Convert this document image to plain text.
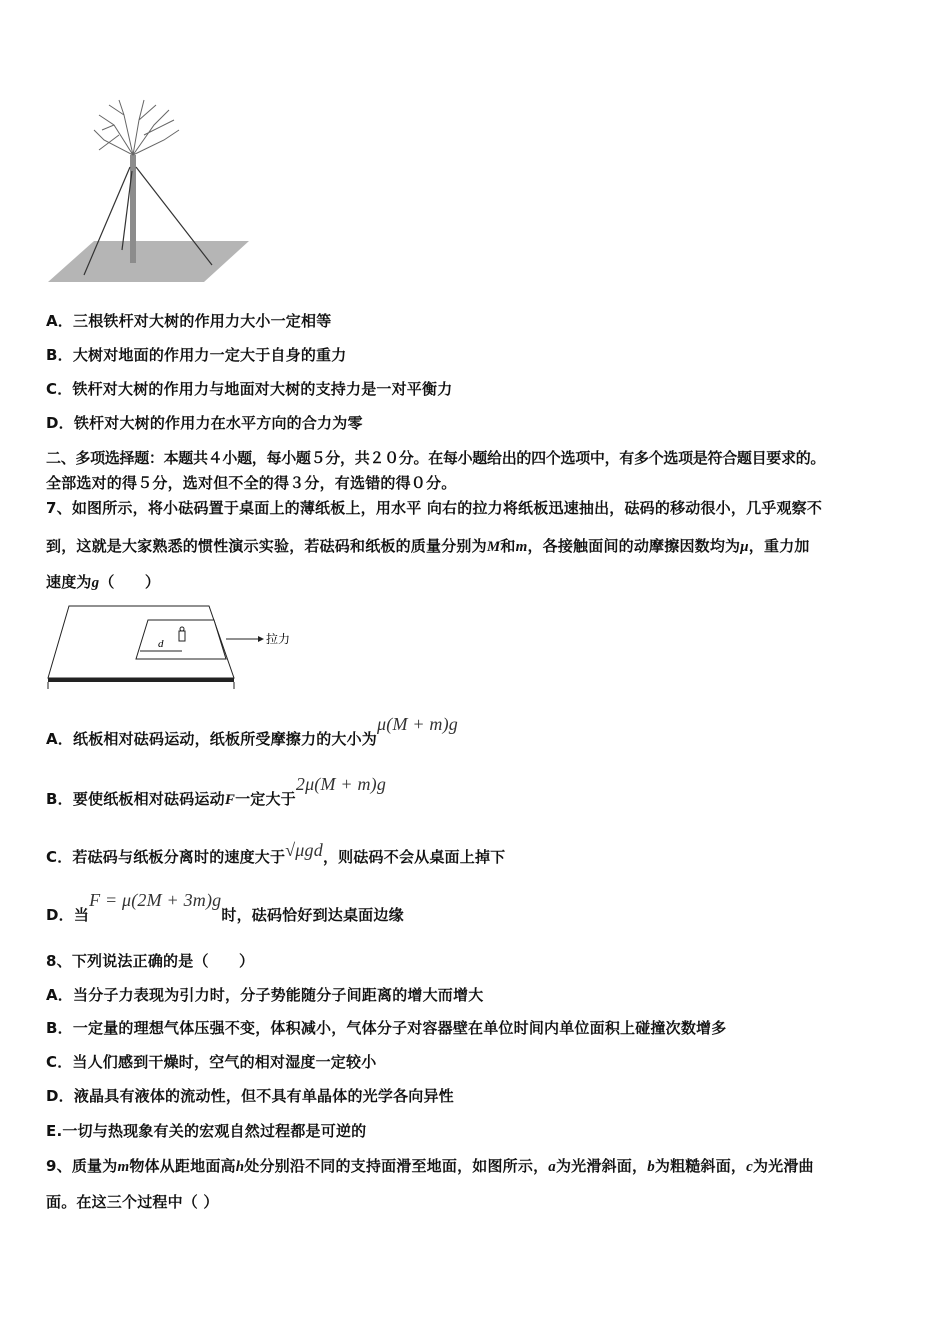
A．三根铁杆对大树的作用力大小一定相等
B．大树对地面的作用力一定大于自身的重力
C．铁杆对大树的作用力与地面对大树的支持力是一对平衡力
D．铁杆对大树的作用力在水平方向的合力为零
二、多项选择题：本题共４小题，每小题５分，共２０分。在每小题给出的四个选项中，有多个选项是符合题目要求的。
全部选对的得５分，选对但不全的得３分，有选错的得０分。
7、如图所示，将小砝码置于桌面上的薄纸板上，用水平 向右的拉力将纸板迅速抽出，砝码的移动很小，几乎观察不
到，这就是大家熟悉的惯性演示实验，若砝码和纸板的质量分别为M和m，各接触面间的动摩擦因数均为μ，重力加
速度为g（　　）
d	拉力
A．纸板相对砝码运动，纸板所受摩擦力的大小为μ(M + m)g
B．要使纸板相对砝码运动F一定大于2μ(M + m)g
C．若砝码与纸板分离时的速度大于√μgd，则砝码不会从桌面上掉下
D．当F = μ(2M + 3m)g时，砝码恰好到达桌面边缘
8、下列说法正确的是（　　）
A．当分子力表现为引力时，分子势能随分子间距离的增大而增大
B．一定量的理想气体压强不变，体积减小，气体分子对容器壁在单位时间内单位面积上碰撞次数增多
C．当人们感到干燥时，空气的相对湿度一定较小
D．液晶具有液体的流动性，但不具有单晶体的光学各向异性
E.一切与热现象有关的宏观自然过程都是可逆的
9、质量为m物体从距地面高h处分别沿不同的支持面滑至地面，如图所示，a为光滑斜面，b为粗糙斜面，c为光滑曲
面。在这三个过程中（ ）
